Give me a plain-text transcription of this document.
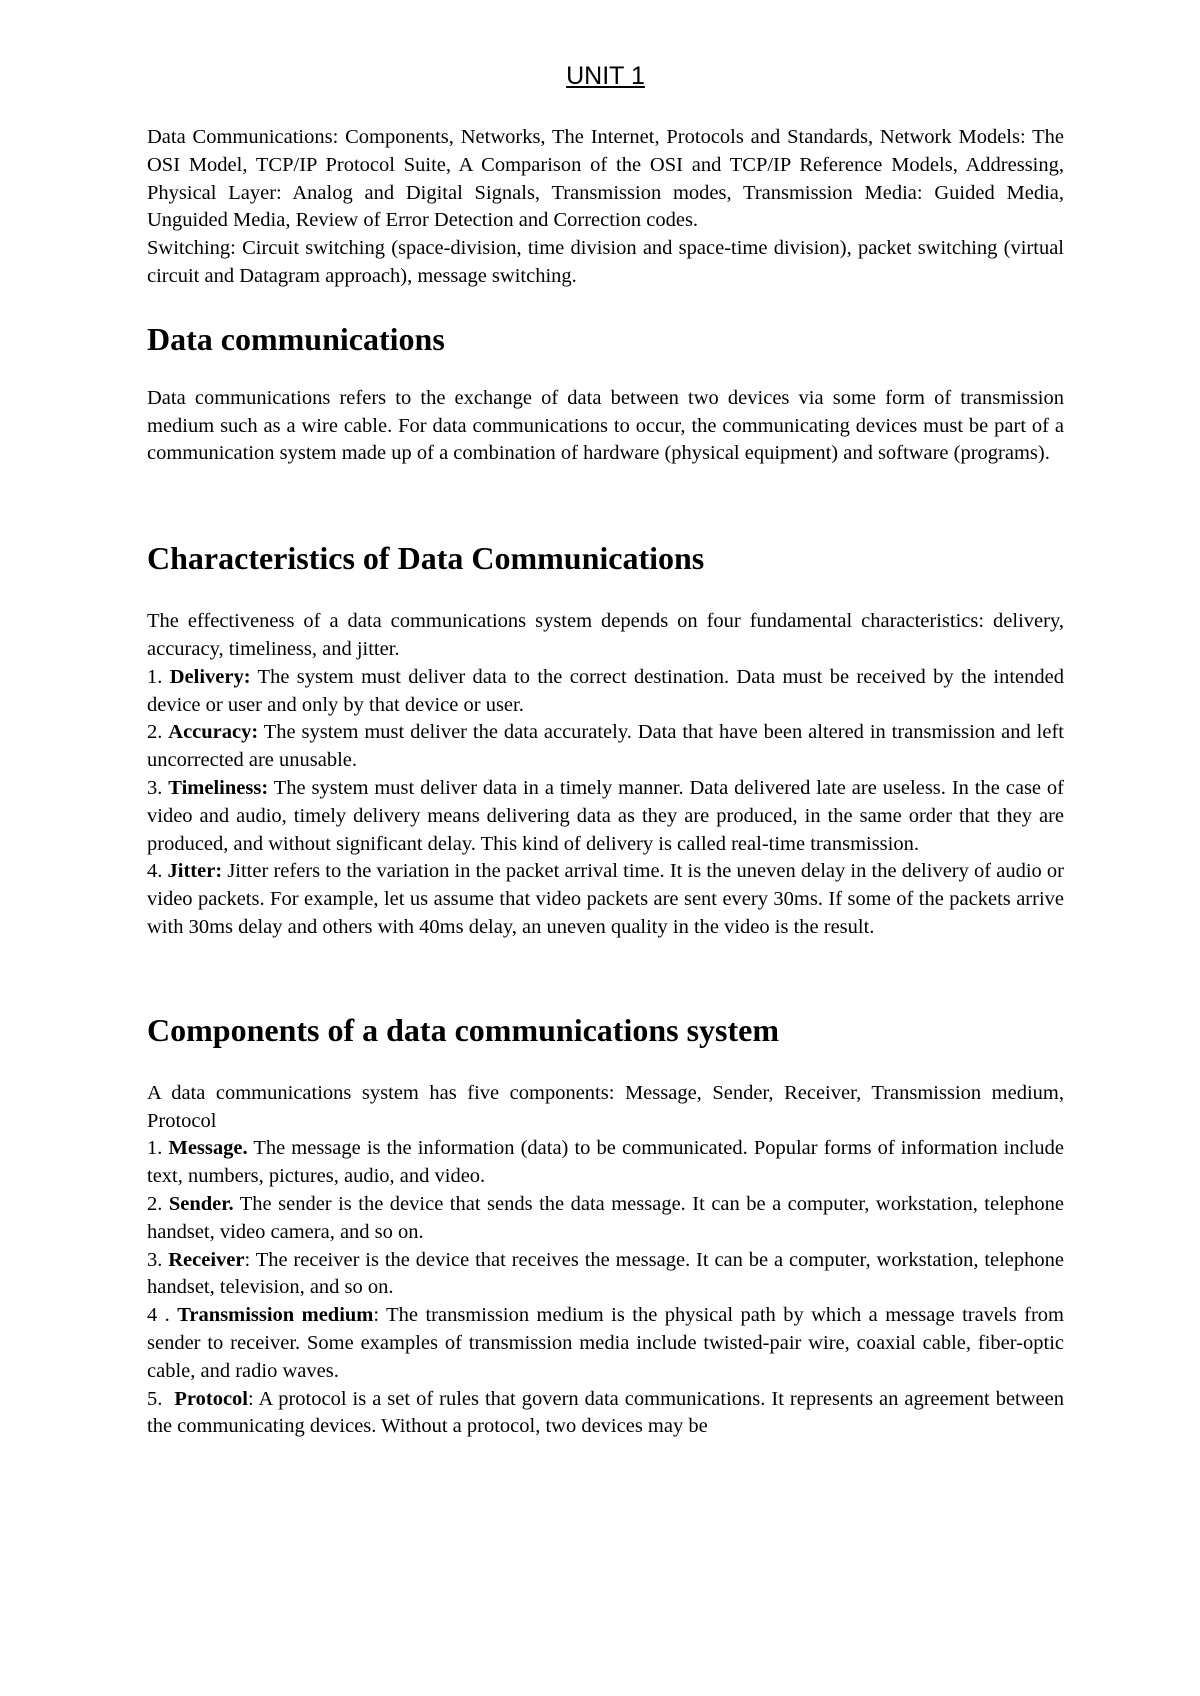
UNIT 1

Data Communications: Components, Networks, The Internet, Protocols and Standards, Network Models: The OSI Model, TCP/IP Protocol Suite, A Comparison of the OSI and TCP/IP Reference Models, Addressing, Physical Layer: Analog and Digital Signals, Transmission modes, Transmission Media: Guided Media, Unguided Media, Review of Error Detection and Correction codes.

Switching: Circuit switching (space-division, time division and space-time division), packet switching (virtual circuit and Datagram approach), message switching.

Data communications

Data communications refers to the exchange of data between two devices via some form of transmission medium such as a wire cable. For data communications to occur, the communicating devices must be part of a communication system made up of a combination of hardware (physical equipment) and software (programs).

Characteristics of Data Communications

The effectiveness of a data communications system depends on four fundamental characteristics: delivery, accuracy, timeliness, and jitter.

1. Delivery: The system must deliver data to the correct destination. Data must be received by the intended device or user and only by that device or user.

2. Accuracy: The system must deliver the data accurately. Data that have been altered in transmission and left uncorrected are unusable.

3. Timeliness: The system must deliver data in a timely manner. Data delivered late are useless. In the case of video and audio, timely delivery means delivering data as they are produced, in the same order that they are produced, and without significant delay. This kind of delivery is called real-time transmission.

4. Jitter: Jitter refers to the variation in the packet arrival time. It is the uneven delay in the delivery of audio or video packets. For example, let us assume that video packets are sent every 30ms. If some of the packets arrive with 30ms delay and others with 40ms delay, an uneven quality in the video is the result.

Components of a data communications system

A data communications system has five components: Message, Sender, Receiver, Transmission medium, Protocol

1. Message. The message is the information (data) to be communicated. Popular forms of information include text, numbers, pictures, audio, and video.

2. Sender. The sender is the device that sends the data message. It can be a computer, workstation, telephone handset, video camera, and so on.

3. Receiver: The receiver is the device that receives the message. It can be a computer, workstation, telephone handset, television, and so on.

4 . Transmission medium: The transmission medium is the physical path by which a message travels from sender to receiver. Some examples of transmission media include twisted-pair wire, coaxial cable, fiber-optic cable, and radio waves.

5. Protocol: A protocol is a set of rules that govern data communications. It represents an agreement between the communicating devices. Without a protocol, two devices may be
